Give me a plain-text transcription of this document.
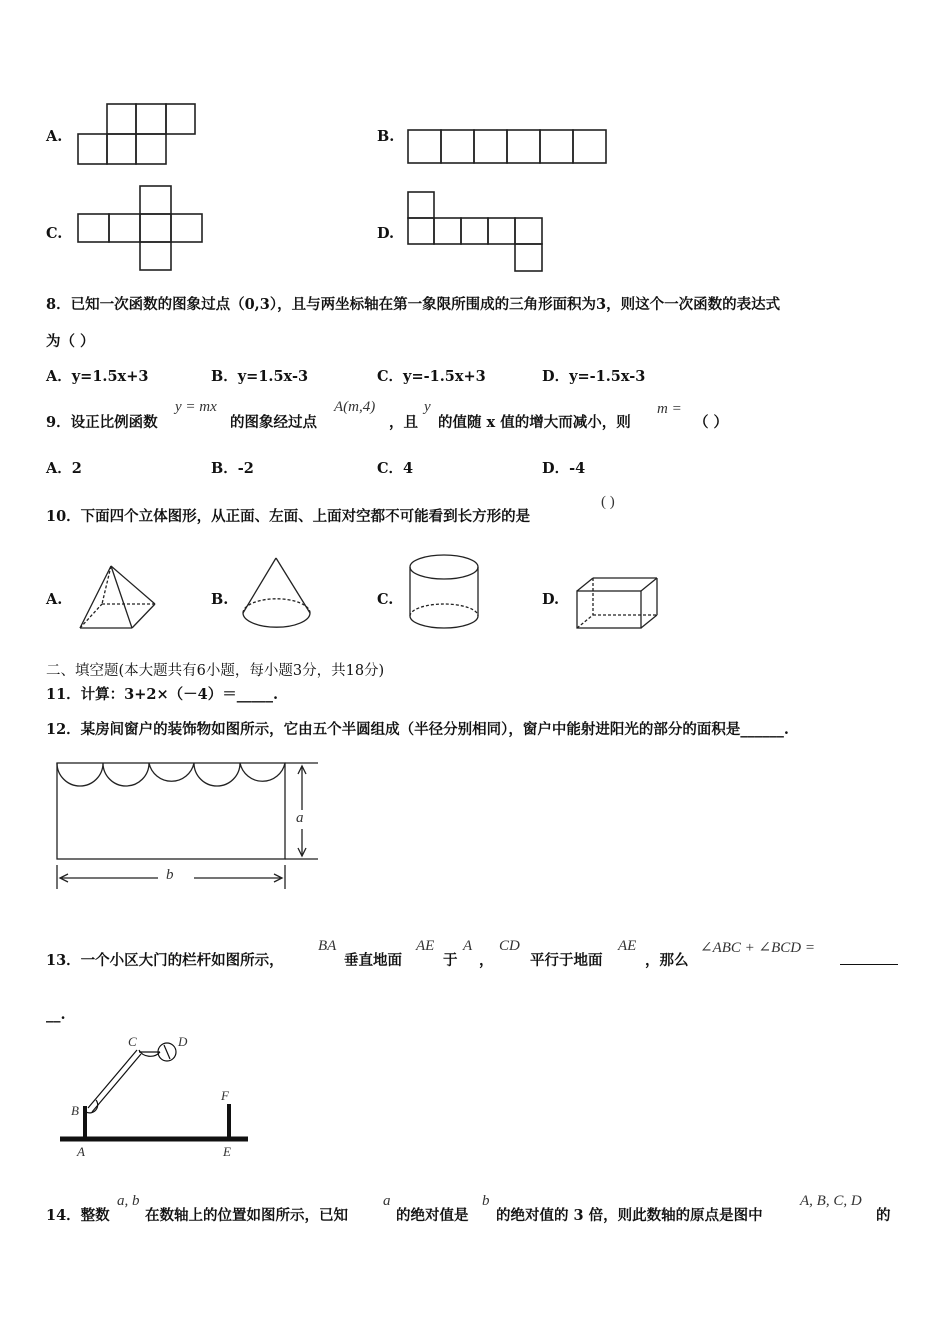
A.	B.
C.	D.
8．已知一次函数的图象过点（0,3），且与两坐标轴在第一象限所围成的三角形面积为3，则这个一次函数的表达式
为（ ）
A．y=1.5x+3	B．y=1.5x-3	C．y=-1.5x+3	D．y=-1.5x-3
9．设正比例函数
y = mx
的图象经过点
A(m,4)
，且
y
的值随 x 值的增大而减小，则
m =
（ ）
A．2	B．-2	C．4	D．-4
10．下面四个立体图形，从正面、左面、上面对空都不可能看到长方形的是
( )
A.	B.	C.	D.
二、填空题(本大题共有6小题，每小题3分，共18分)
11．计算：3+2×（－4）＝_____.
12．某房间窗户的装饰物如图所示，它由五个半圆组成（半径分别相同），窗户中能射进阳光的部分的面积是______.
a
b
13．一个小区大门的栏杆如图所示，
BA
垂直地面
AE
于
A
，
CD
平行于地面
AE
，那么
∠ABC + ∠BCD =
__.
C	D
B
F
A	E
14．整数
a, b
在数轴上的位置如图所示，已知
a
的绝对值是
b
的绝对值的 3 倍，则此数轴的原点是图中
A, B, C, D
的
